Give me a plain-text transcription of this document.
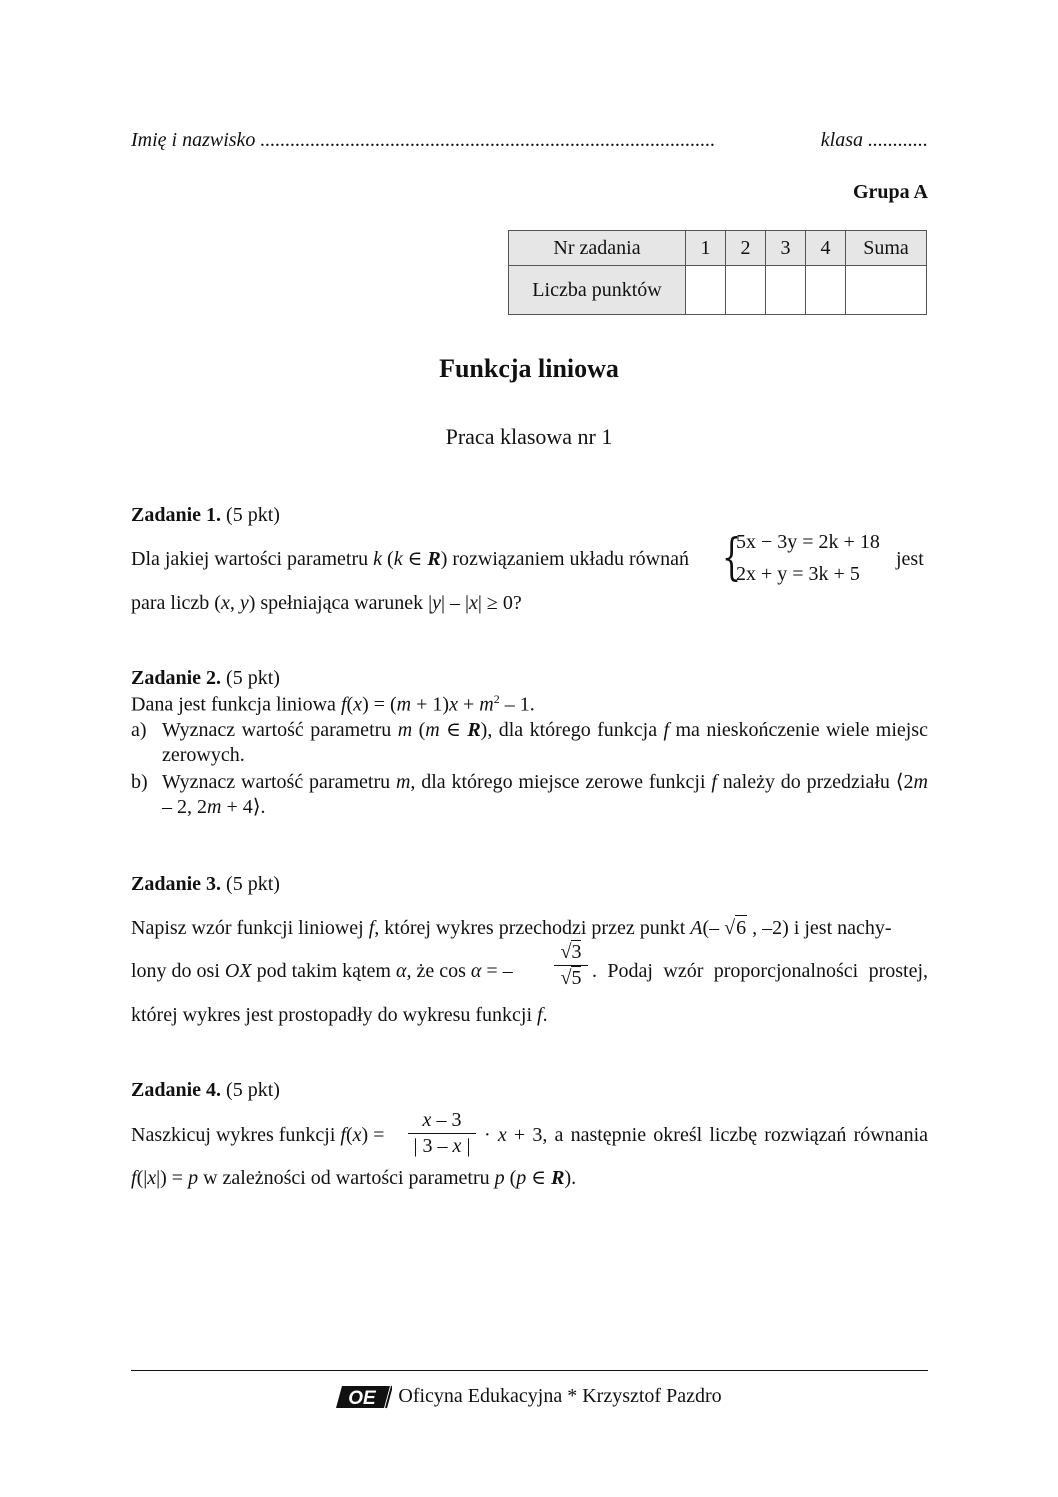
Imię i nazwisko ...........................................................................................	klasa ............
Grupa A
Nr zadania	1	2	3	4	Suma
Liczba punktów					
Funkcja liniowa
Praca klasowa nr 1
Zadanie 1. (5 pkt)
Dla jakiej wartości parametru k (k ∈ R) rozwiązaniem układu równań {
5x − 3y = 2k + 18
2x + y = 3k + 5
jest
para liczb (x, y) spełniająca warunek |y| – |x| ≥ 0?
Zadanie 2. (5 pkt)
Dana jest funkcja liniowa $f(x) = (m + 1)x + m^2 - 1$.
a) Wyznacz wartość parametru m (m ∈ R), dla którego funkcja f ma nieskończenie wiele miejsc zerowych.
b) Wyznacz wartość parametru m, dla którego miejsce zerowe funkcji f należy do przedziału ⟨2m – 2, 2m + 4⟩.
Zadanie 3. (5 pkt)
Napisz wzór funkcji liniowej f, której wykres przechodzi przez punkt A(– √6 , –2) i jest nachy-
lony do osi OX pod takim kątem α, że cos α = –
√3
√5 . Podaj wzór proporcjonalności prostej,
której wykres jest prostopadły do wykresu funkcji f.
Zadanie 4. (5 pkt)
Naszkicuj wykres funkcji f(x) =
x – 3
| 3 – x | · x + 3, a następnie określ liczbę rozwiązań równania
f(|x|) = p w zależności od wartości parametru p (p ∈ R).
OE Oficyna Edukacyjna * Krzysztof Pazdro
